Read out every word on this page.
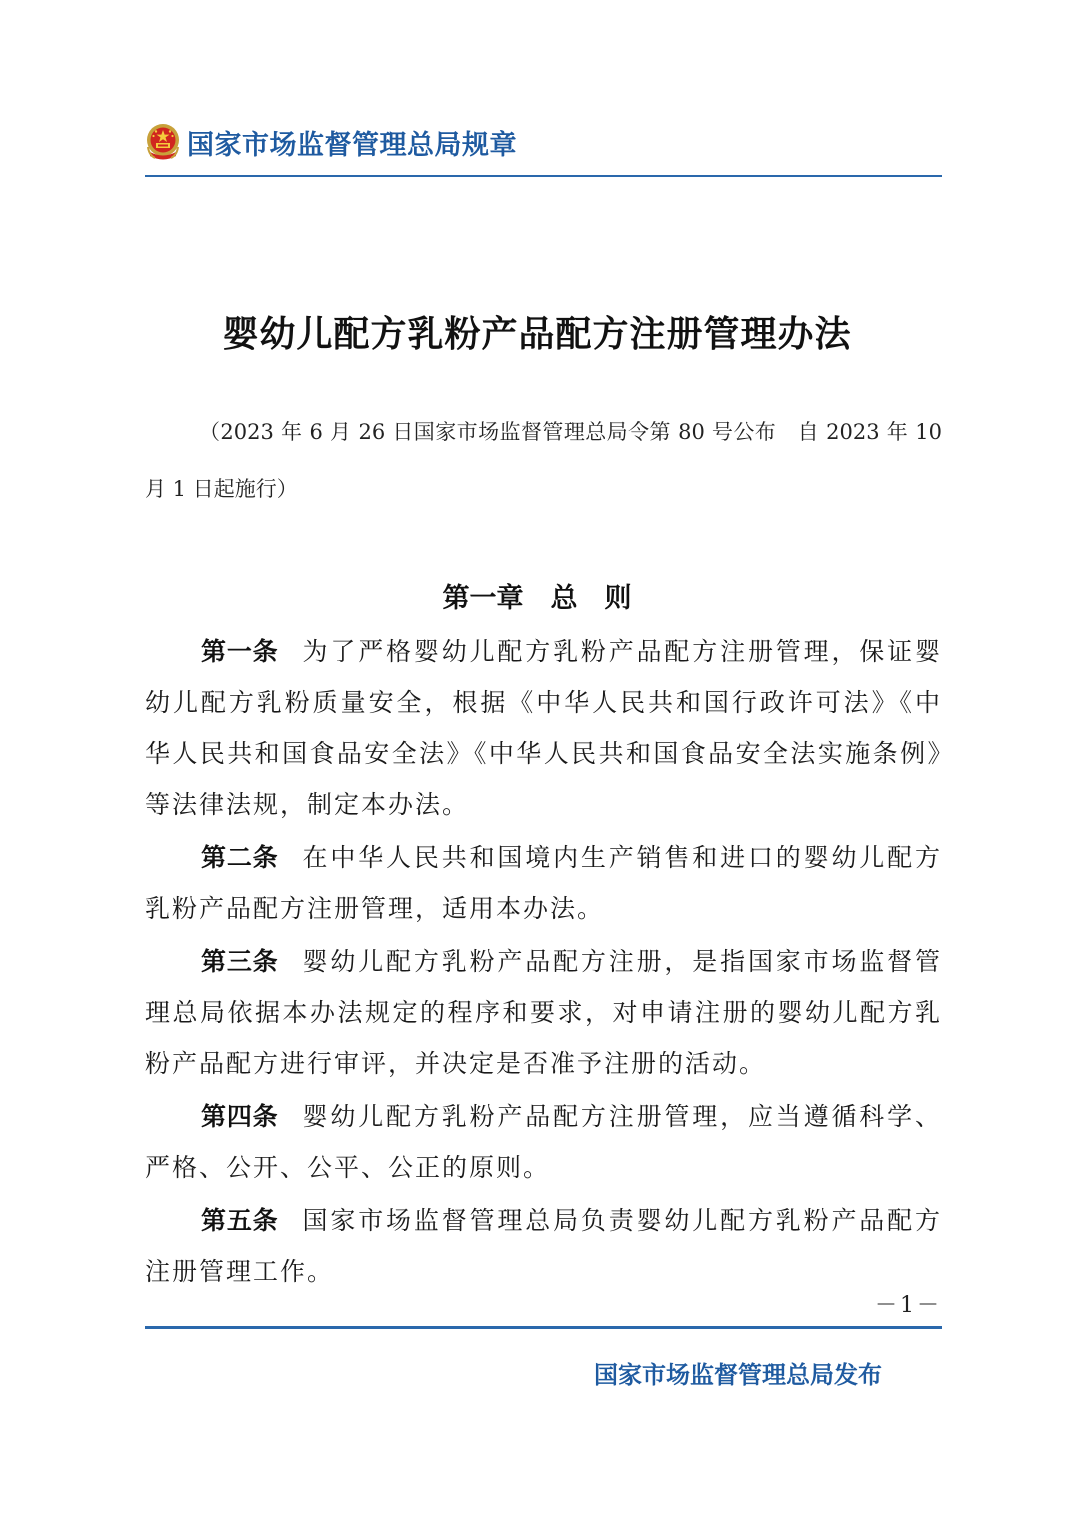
国家市场监督管理总局规章
婴幼儿配方乳粉产品配方注册管理办法
（2023 年 6 月 26 日国家市场监督管理总局令第 80 号公布　自 2023 年 10 月 1 日起施行）
第一章　总　则

第一条 为了严格婴幼儿配方乳粉产品配方注册管理，保证婴幼儿配方乳粉质量安全，根据《中华人民共和国行政许可法》《中华人民共和国食品安全法》《中华人民共和国食品安全法实施条例》等法律法规，制定本办法。

第二条 在中华人民共和国境内生产销售和进口的婴幼儿配方乳粉产品配方注册管理，适用本办法。

第三条 婴幼儿配方乳粉产品配方注册，是指国家市场监督管理总局依据本办法规定的程序和要求，对申请注册的婴幼儿配方乳粉产品配方进行审评，并决定是否准予注册的活动。

第四条 婴幼儿配方乳粉产品配方注册管理，应当遵循科学、严格、公开、公平、公正的原则。

第五条 国家市场监督管理总局负责婴幼儿配方乳粉产品配方注册管理工作。

－1－
国家市场监督管理总局发布
